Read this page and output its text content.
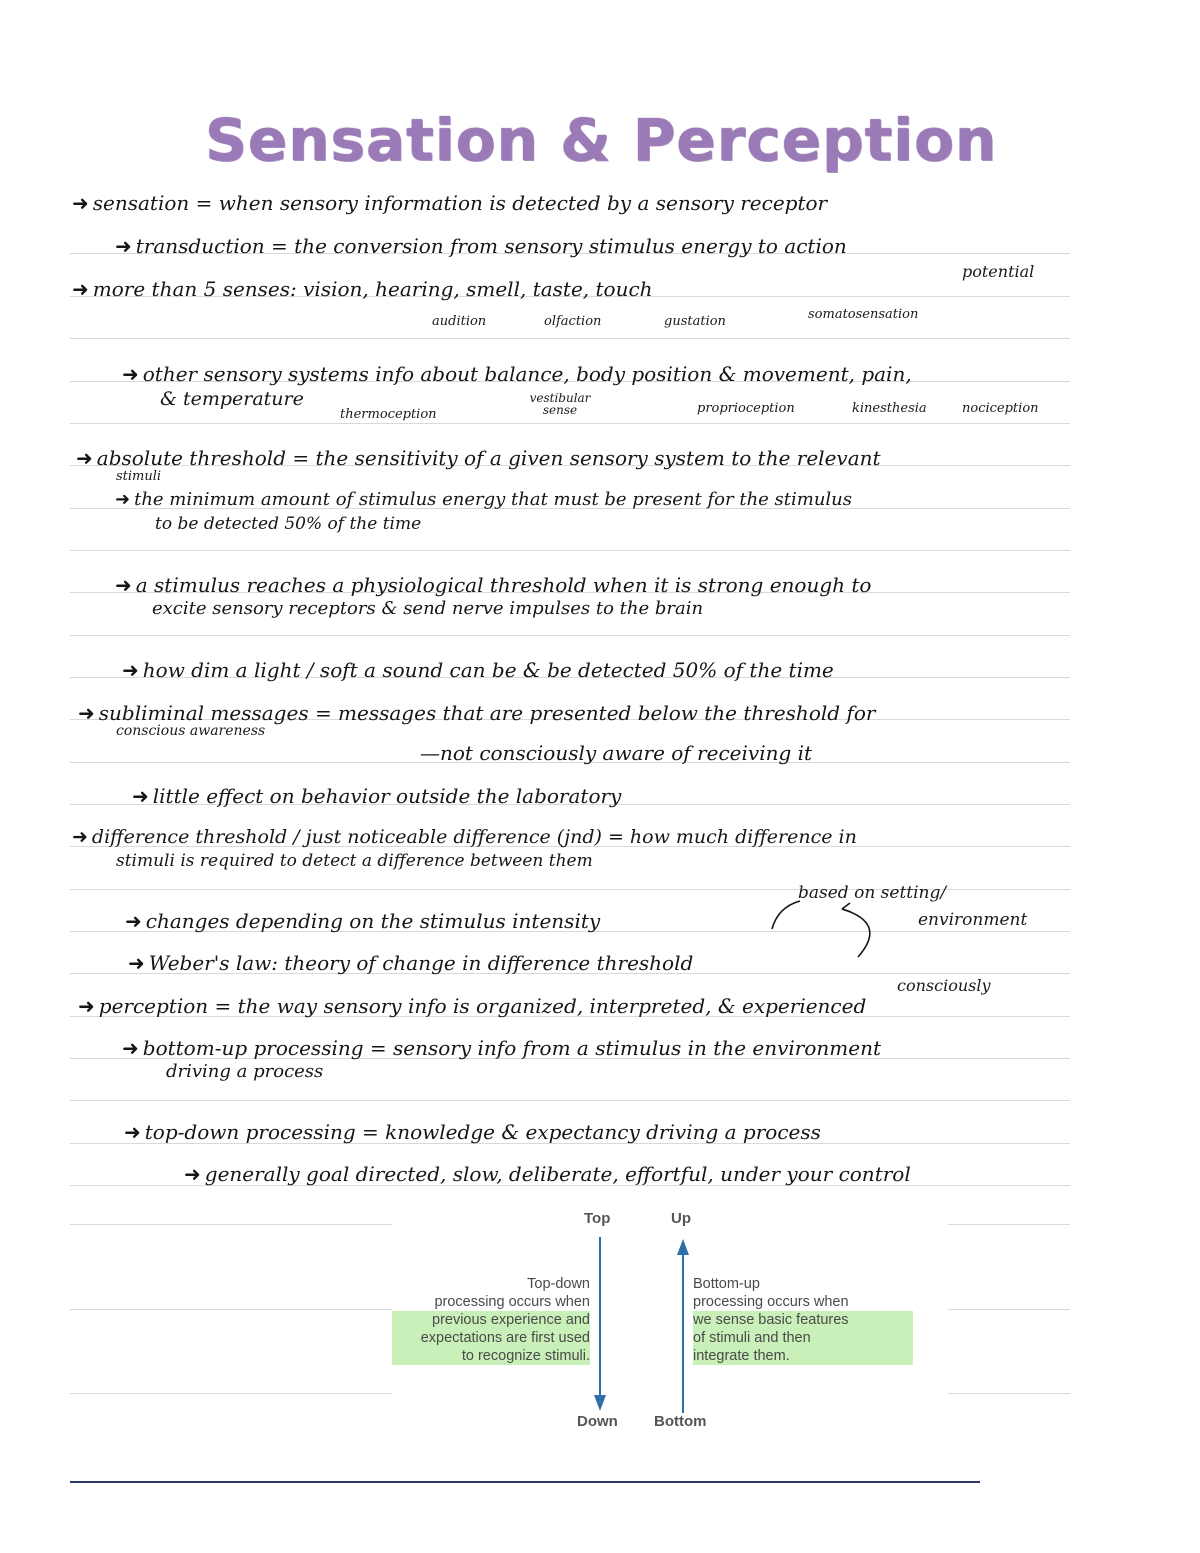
Sensation & Perception
➜ sensation = when sensory information is detected by a sensory receptor
➜ transduction = the conversion from sensory stimulus energy to action
potential
➜ more than 5 senses: vision, hearing, smell, taste, touch
audition	olfaction	gustation	somatosensation
➜ other sensory systems info about balance, body position & movement, pain,
& temperature
thermoception
vestibular sense	proprioception	kinesthesia	nociception
➜ absolute threshold = the sensitivity of a given sensory system to the relevant
stimuli
➜ the minimum amount of stimulus energy that must be present for the stimulus
to be detected 50% of the time
➜ a stimulus reaches a physiological threshold when it is strong enough to
excite sensory receptors & send nerve impulses to the brain
➜ how dim a light / soft a sound can be & be detected 50% of the time
➜ subliminal messages = messages that are presented below the threshold for
conscious awareness
—not consciously aware of receiving it
➜ little effect on behavior outside the laboratory
➜ difference threshold / just noticeable difference (jnd) = how much difference in
stimuli is required to detect a difference between them
based on setting/
environment
➜ changes depending on the stimulus intensity
➜ Weber's law: theory of change in difference threshold
consciously
➜ perception = the way sensory info is organized, interpreted, & experienced
➜ bottom-up processing = sensory info from a stimulus in the environment
driving a process
➜ top-down processing = knowledge & expectancy driving a process
➜ generally goal directed, slow, deliberate, effortful, under your control
Top	Up
Down Bottom
Top-down
processing occurs when
previous experience and
expectations are first used
to recognize stimuli.
Bottom-up
processing occurs when
we sense basic features
of stimuli and then
integrate them.
